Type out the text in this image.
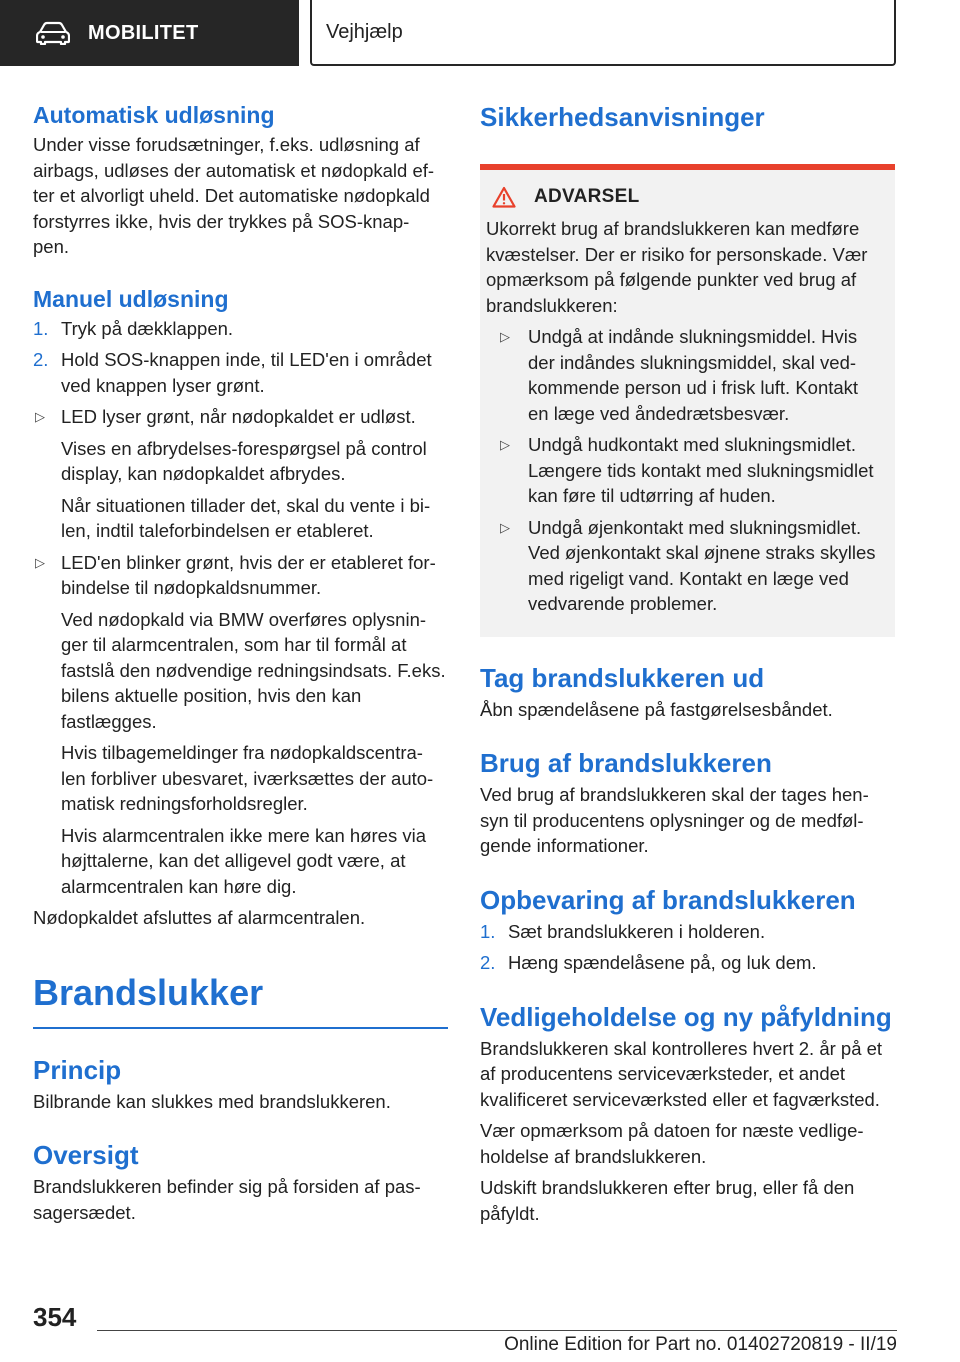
MOBILITET	Vejhjælp
Automatisk udløsning

Under visse forudsætninger, f.eks. udløsning af airbags, udløses der automatisk et nødopkald ef- ter et alvorligt uheld. Det automatiske nødopkald forstyrres ikke, hvis der trykkes på SOS-knap- pen.

Manuel udløsning
1. Tryk på dækklappen.
2. Hold SOS-knappen inde, til LED'en i området ved knappen lyser grønt.
▷ LED lyser grønt, når nødopkaldet er udløst.

Vises en afbrydelses-forespørgsel på control display, kan nødopkaldet afbrydes.

Når situationen tillader det, skal du vente i bi- len, indtil taleforbindelsen er etableret.

▷ LED'en blinker grønt, hvis der er etableret for- bindelse til nødopkaldsnummer.

Ved nødopkald via BMW overføres oplysnin- ger til alarmcentralen, som har til formål at fastslå den nødvendige redningsindsats. F.eks. bilens aktuelle position, hvis den kan fastlægges.

Hvis tilbagemeldinger fra nødopkaldscentra- len forbliver ubesvaret, iværksættes der auto- matisk redningsforholdsregler.

Hvis alarmcentralen ikke mere kan høres via højttalerne, kan det alligevel godt være, at alarmcentralen kan høre dig.

Nødopkaldet afsluttes af alarmcentralen.

Brandslukker
Princip

Bilbrande kan slukkes med brandslukkeren.

Oversigt

Brandslukkeren befinder sig på forsiden af pas- sagersædet.

Sikkerhedsanvisninger
ADVARSEL

Ukorrekt brug af brandslukkeren kan medføre kvæstelser. Der er risiko for personskade. Vær opmærksom på følgende punkter ved brug af brandslukkeren:

▷ Undgå at indånde slukningsmiddel. Hvis der indåndes slukningsmiddel, skal ved- kommende person ud i frisk luft. Kontakt en læge ved åndedrætsbesvær.
▷ Undgå hudkontakt med slukningsmidlet. Længere tids kontakt med slukningsmidlet kan føre til udtørring af huden.
▷ Undgå øjenkontakt med slukningsmidlet. Ved øjenkontakt skal øjnene straks skylles med rigeligt vand. Kontakt en læge ved vedvarende problemer.
Tag brandslukkeren ud

Åbn spændelåsene på fastgørelsesbåndet.

Brug af brandslukkeren

Ved brug af brandslukkeren skal der tages hen- syn til producentens oplysninger og de medføl- gende informationer.

Opbevaring af brandslukkeren
1. Sæt brandslukkeren i holderen.
2. Hæng spændelåsene på, og luk dem.
Vedligeholdelse og ny påfyldning

Brandslukkeren skal kontrolleres hvert 2. år på et af producentens serviceværksteder, et andet kvalificeret serviceværksted eller et fagværksted.

Vær opmærksom på datoen for næste vedlige- holdelse af brandslukkeren.

Udskift brandslukkeren efter brug, eller få den påfyldt.

354
Online Edition for Part no. 01402720819 - II/19
